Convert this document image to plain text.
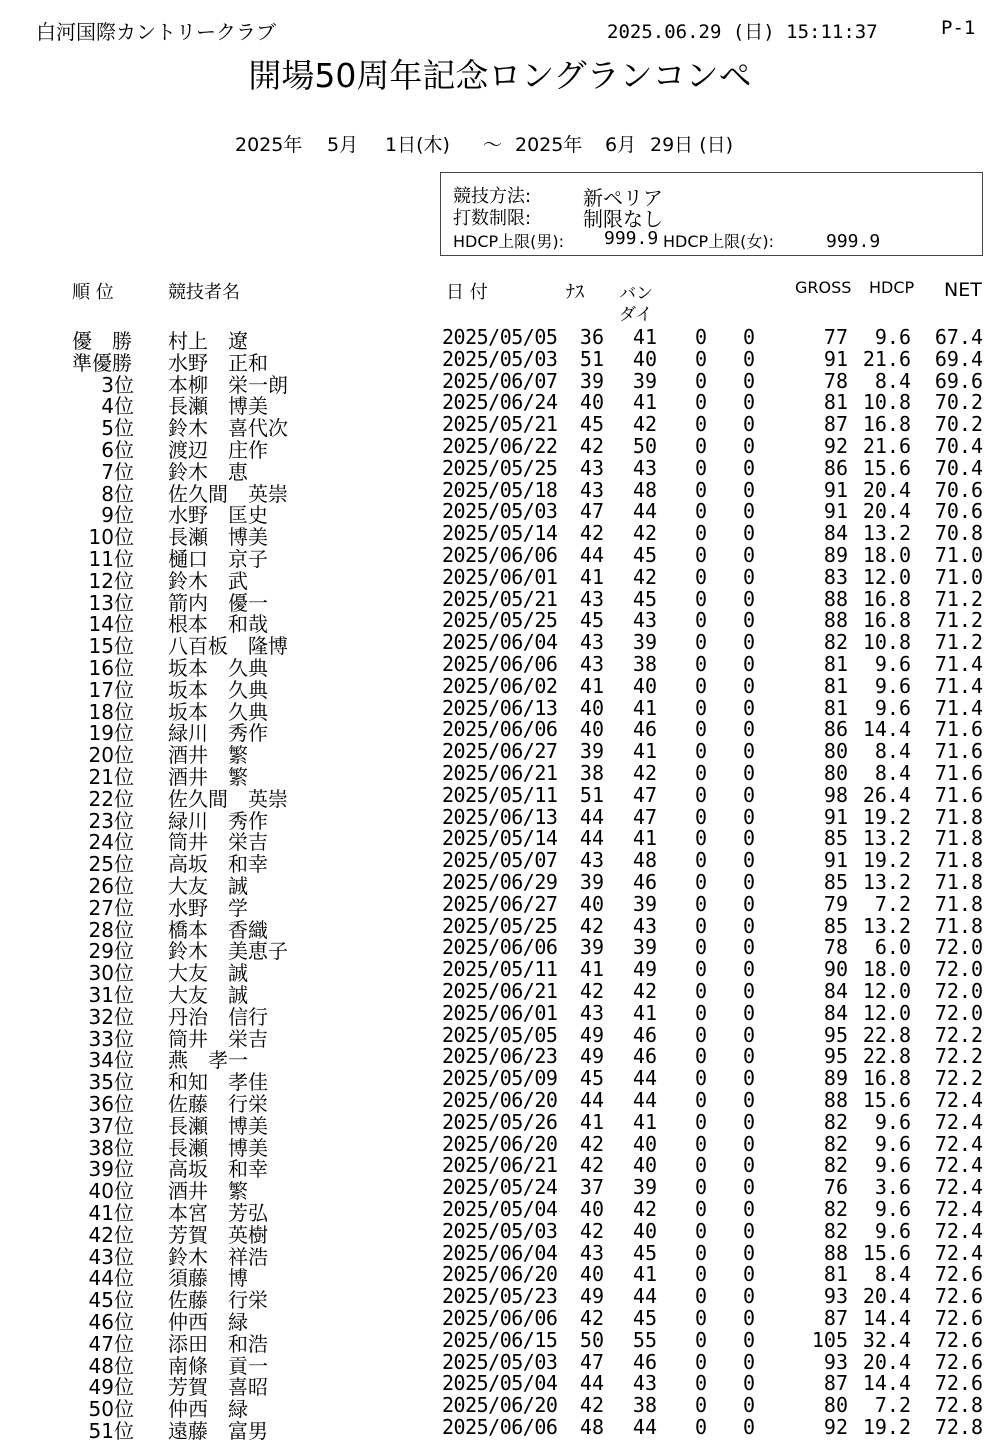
白河国際カントリークラブ	2025.06.29 (日) 15:11:37	P-1
開場50周年記念ロングランコンペ
2025年 5月 1日(木) ～ 2025年 6月 29日 (日)
競技方法:	新ペリア
打数制限:	制限なし
HDCP上限(男): 999.9 HDCP上限(女):	999.9
順 位	競技者名	日 付	ﾅｽ バン
ダイ
GROSS HDCP NET
優　勝 村上　遼	2025/05/05 36 41 0 0	77 9.6 67.4
準優勝 水野　正和	2025/05/03 51 40 0 0	91 21.6 69.4
3位 本柳　栄一朗	2025/06/07 39 39 0 0	78 8.4 69.6
4位 長瀬　博美	2025/06/24 40 41 0 0	81 10.8 70.2
5位 鈴木　喜代次	2025/05/21 45 42 0 0	87 16.8 70.2
6位 渡辺　庄作	2025/06/22 42 50 0 0	92 21.6 70.4
7位 鈴木　恵	2025/05/25 43 43 0 0	86 15.6 70.4
8位 佐久間　英崇	2025/05/18 43 48 0 0	91 20.4 70.6
9位 水野　匡史	2025/05/03 47 44 0 0	91 20.4 70.6
10位 長瀬　博美	2025/05/14 42 42 0 0	84 13.2 70.8
11位 樋口　京子	2025/06/06 44 45 0 0	89 18.0 71.0
12位 鈴木　武	2025/06/01 41 42 0 0	83 12.0 71.0
13位 箭内　優一	2025/05/21 43 45 0 0	88 16.8 71.2
14位 根本　和哉	2025/05/25 45 43 0 0	88 16.8 71.2
15位 八百板　隆博	2025/06/04 43 39 0 0	82 10.8 71.2
16位 坂本　久典	2025/06/06 43 38 0 0	81 9.6 71.4
17位 坂本　久典	2025/06/02 41 40 0 0	81 9.6 71.4
18位 坂本　久典	2025/06/13 40 41 0 0	81 9.6 71.4
19位 緑川　秀作	2025/06/06 40 46 0 0	86 14.4 71.6
20位 酒井　繁	2025/06/27 39 41 0 0	80 8.4 71.6
21位 酒井　繁	2025/06/21 38 42 0 0	80 8.4 71.6
22位 佐久間　英崇	2025/05/11 51 47 0 0	98 26.4 71.6
23位 緑川　秀作	2025/06/13 44 47 0 0	91 19.2 71.8
24位 筒井　栄吉	2025/05/14 44 41 0 0	85 13.2 71.8
25位 高坂　和幸	2025/05/07 43 48 0 0	91 19.2 71.8
26位 大友　誠	2025/06/29 39 46 0 0	85 13.2 71.8
27位 水野　学	2025/06/27 40 39 0 0	79 7.2 71.8
28位 橋本　香織	2025/05/25 42 43 0 0	85 13.2 71.8
29位 鈴木　美恵子	2025/06/06 39 39 0 0	78 6.0 72.0
30位 大友　誠	2025/05/11 41 49 0 0	90 18.0 72.0
31位 大友　誠	2025/06/21 42 42 0 0	84 12.0 72.0
32位 丹治　信行	2025/06/01 43 41 0 0	84 12.0 72.0
33位 筒井　栄吉	2025/05/05 49 46 0 0	95 22.8 72.2
34位 燕　孝一	2025/06/23 49 46 0 0	95 22.8 72.2
35位 和知　孝佳	2025/05/09 45 44 0 0	89 16.8 72.2
36位 佐藤　行栄	2025/06/20 44 44 0 0	88 15.6 72.4
37位 長瀬　博美	2025/05/26 41 41 0 0	82 9.6 72.4
38位 長瀬　博美	2025/06/20 42 40 0 0	82 9.6 72.4
39位 高坂　和幸	2025/06/21 42 40 0 0	82 9.6 72.4
40位 酒井　繁	2025/05/24 37 39 0 0	76 3.6 72.4
41位 本宮　芳弘	2025/05/04 40 42 0 0	82 9.6 72.4
42位 芳賀　英樹	2025/05/03 42 40 0 0	82 9.6 72.4
43位 鈴木　祥浩	2025/06/04 43 45 0 0	88 15.6 72.4
44位 須藤　博	2025/06/20 40 41 0 0	81 8.4 72.6
45位 佐藤　行栄	2025/05/23 49 44 0 0	93 20.4 72.6
46位 仲西　緑	2025/06/06 42 45 0 0	87 14.4 72.6
47位 添田　和浩	2025/06/15 50 55 0 0	105 32.4 72.6
48位 南條　貢一	2025/05/03 47 46 0 0	93 20.4 72.6
49位 芳賀　喜昭	2025/05/04 44 43 0 0	87 14.4 72.6
50位 仲西　緑	2025/06/20 42 38 0 0	80 7.2 72.8
51位 遠藤　富男	2025/06/06 48 44 0 0	92 19.2 72.8
